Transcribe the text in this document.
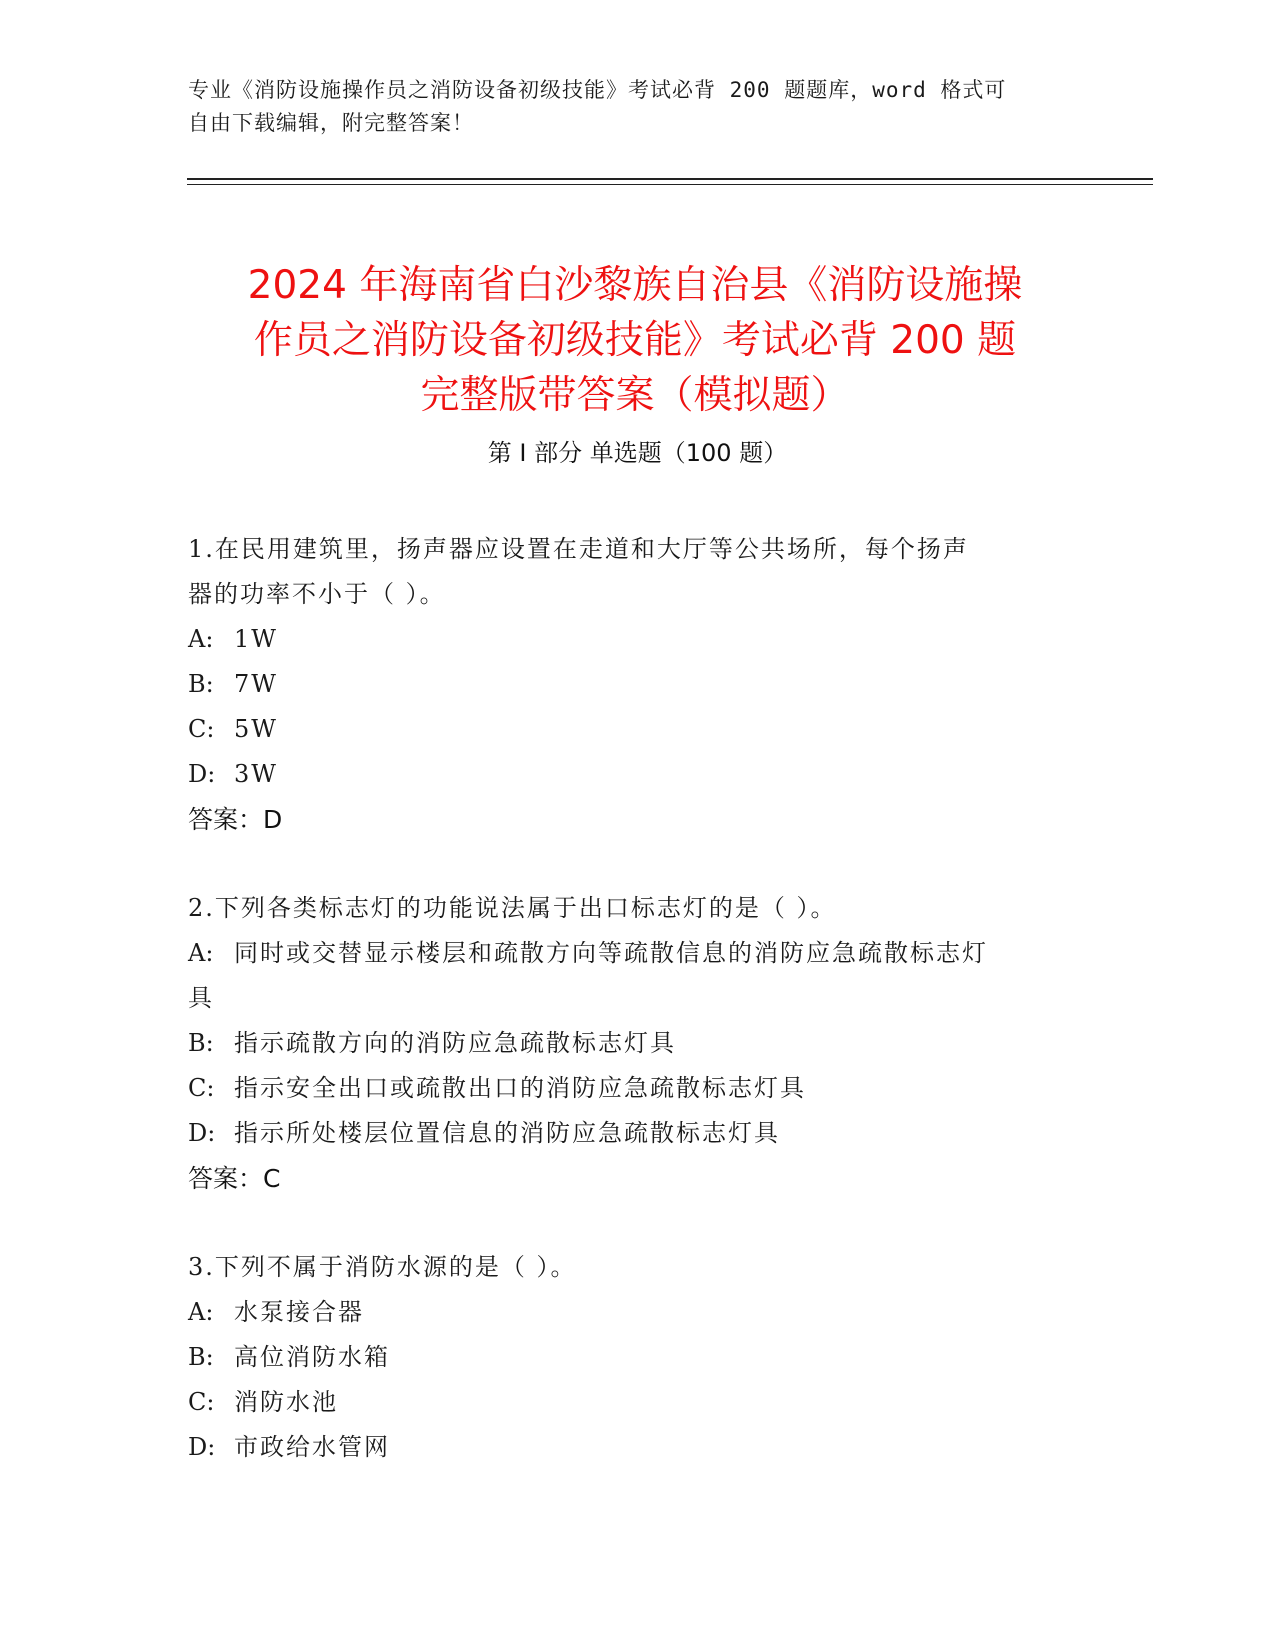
专业《消防设施操作员之消防设备初级技能》考试必背 200 题题库，word 格式可
自由下载编辑，附完整答案！
2024 年海南省白沙黎族自治县《消防设施操
作员之消防设备初级技能》考试必背 200 题
完整版带答案（模拟题）
第 I 部分 单选题（100 题）
1.在民用建筑里，扬声器应设置在走道和大厅等公共场所，每个扬声
器的功率不小于（ ）。
A: 1W
B: 7W
C: 5W
D: 3W
答案：D
2.下列各类标志灯的功能说法属于出口标志灯的是（ ）。
A: 同时或交替显示楼层和疏散方向等疏散信息的消防应急疏散标志灯
具
B: 指示疏散方向的消防应急疏散标志灯具
C: 指示安全出口或疏散出口的消防应急疏散标志灯具
D: 指示所处楼层位置信息的消防应急疏散标志灯具
答案：C
3.下列不属于消防水源的是（ ）。
A: 水泵接合器
B: 高位消防水箱
C: 消防水池
D: 市政给水管网
